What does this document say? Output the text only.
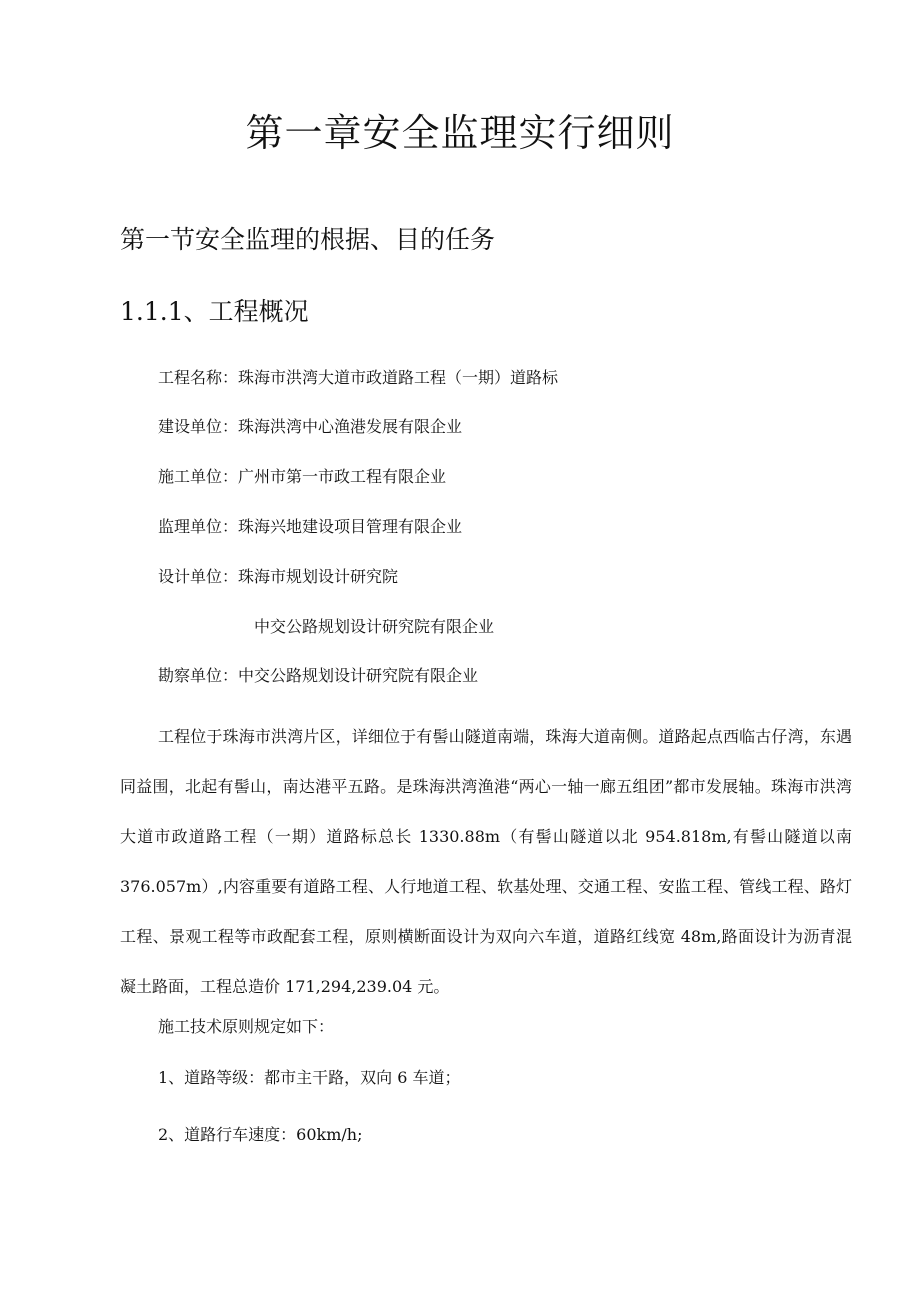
第一章安全监理实行细则
第一节安全监理的根据、目的任务
1.1.1、工程概况
工程名称：珠海市洪湾大道市政道路工程（一期）道路标
建设单位：珠海洪湾中心渔港发展有限企业
施工单位：广州市第一市政工程有限企业
监理单位：珠海兴地建设项目管理有限企业
设计单位：珠海市规划设计研究院
中交公路规划设计研究院有限企业
勘察单位：中交公路规划设计研究院有限企业
工程位于珠海市洪湾片区，详细位于有髻山隧道南端，珠海大道南侧。道路起点西临古仔湾，东遇同益围，北起有髻山，南达港平五路。是珠海洪湾渔港“两心一轴一廊五组团”都市发展轴。珠海市洪湾大道市政道路工程（一期）道路标总长 1330.88m（有髻山隧道以北 954.818m,有髻山隧道以南 376.057m）,内容重要有道路工程、人行地道工程、软基处理、交通工程、安监工程、管线工程、路灯工程、景观工程等市政配套工程，原则横断面设计为双向六车道，道路红线宽 48m,路面设计为沥青混凝土路面，工程总造价 171,294,239.04 元。
施工技术原则规定如下：
1、道路等级：都市主干路，双向 6 车道；
2、道路行车速度：60km/h;
